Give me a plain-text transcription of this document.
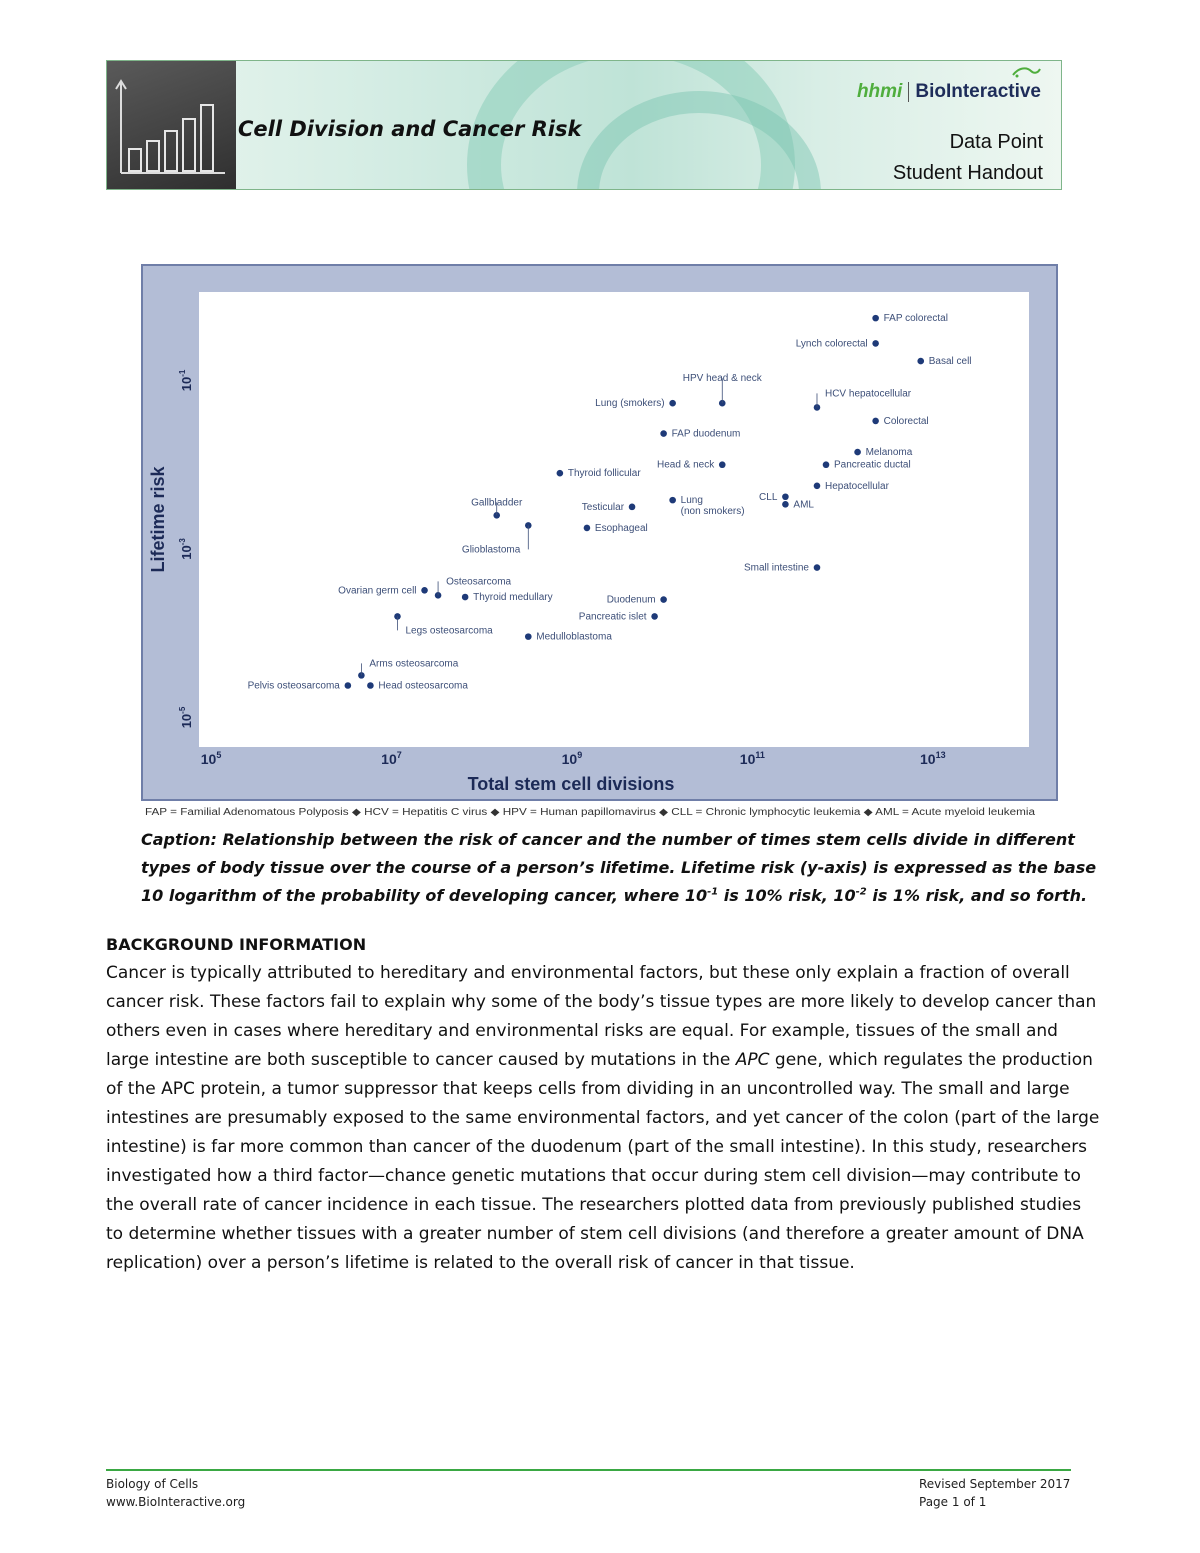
Cell Division and Cancer Risk
hhmi BioInteractive
Data Point
Student Handout
$10^5$	$10^7$	$10^9$	$10^{11}$	$10^{13}$
$10^{-1}$
$10^{-3}$
$10^{-5}$
Total stem cell divisions
Lifetime risk
FAP = Familial Adenomatous Polyposis ◆ HCV = Hepatitis C virus ◆ HPV = Human papillomavirus ◆ CLL = Chronic lymphocytic leukemia ◆ AML = Acute myeloid leukemia
FAP colorectal
Lynch colorectal
Basal cell
HPV head & neck
Lung (smokers)
HCV hepatocellular
Colorectal
FAP duodenum
Melanoma
Head & neck	Pancreatic ductal
Thyroid follicular
Hepatocellular
CLL
AML
Lung (non smokers)
Testicular
Gallbladder
Glioblastoma
Esophageal
Small intestine
Ovarian germ cell
Osteosarcoma
Thyroid medullary	Duodenum
Pancreatic islet
Legs osteosarcoma
Medulloblastoma
Arms osteosarcoma
Head osteosarcoma
Pelvis osteosarcoma
Caption: Relationship between the risk of cancer and the number of times stem cells divide in different types of body tissue over the course of a person’s lifetime. Lifetime risk (y-axis) is expressed as the base 10 logarithm of the probability of developing cancer, where $10^{-1}$ is 10% risk, $10^{-2}$ is 1% risk, and so forth.
BACKGROUND INFORMATION
Cancer is typically attributed to hereditary and environmental factors, but these only explain a fraction of overall cancer risk. These factors fail to explain why some of the body’s tissue types are more likely to develop cancer than others even in cases where hereditary and environmental risks are equal. For example, tissues of the small and large intestine are both susceptible to cancer caused by mutations in the APC gene, which regulates the production of the APC protein, a tumor suppressor that keeps cells from dividing in an uncontrolled way. The small and large intestines are presumably exposed to the same environmental factors, and yet cancer of the colon (part of the large intestine) is far more common than cancer of the duodenum (part of the small intestine). In this study, researchers investigated how a third factor—chance genetic mutations that occur during stem cell division—may contribute to the overall rate of cancer incidence in each tissue. The researchers plotted data from previously published studies to determine whether tissues with a greater number of stem cell divisions (and therefore a greater amount of DNA replication) over a person’s lifetime is related to the overall risk of cancer in that tissue.
Biology of Cells
www.BioInteractive.org
Revised September 2017
Page 1 of 1
